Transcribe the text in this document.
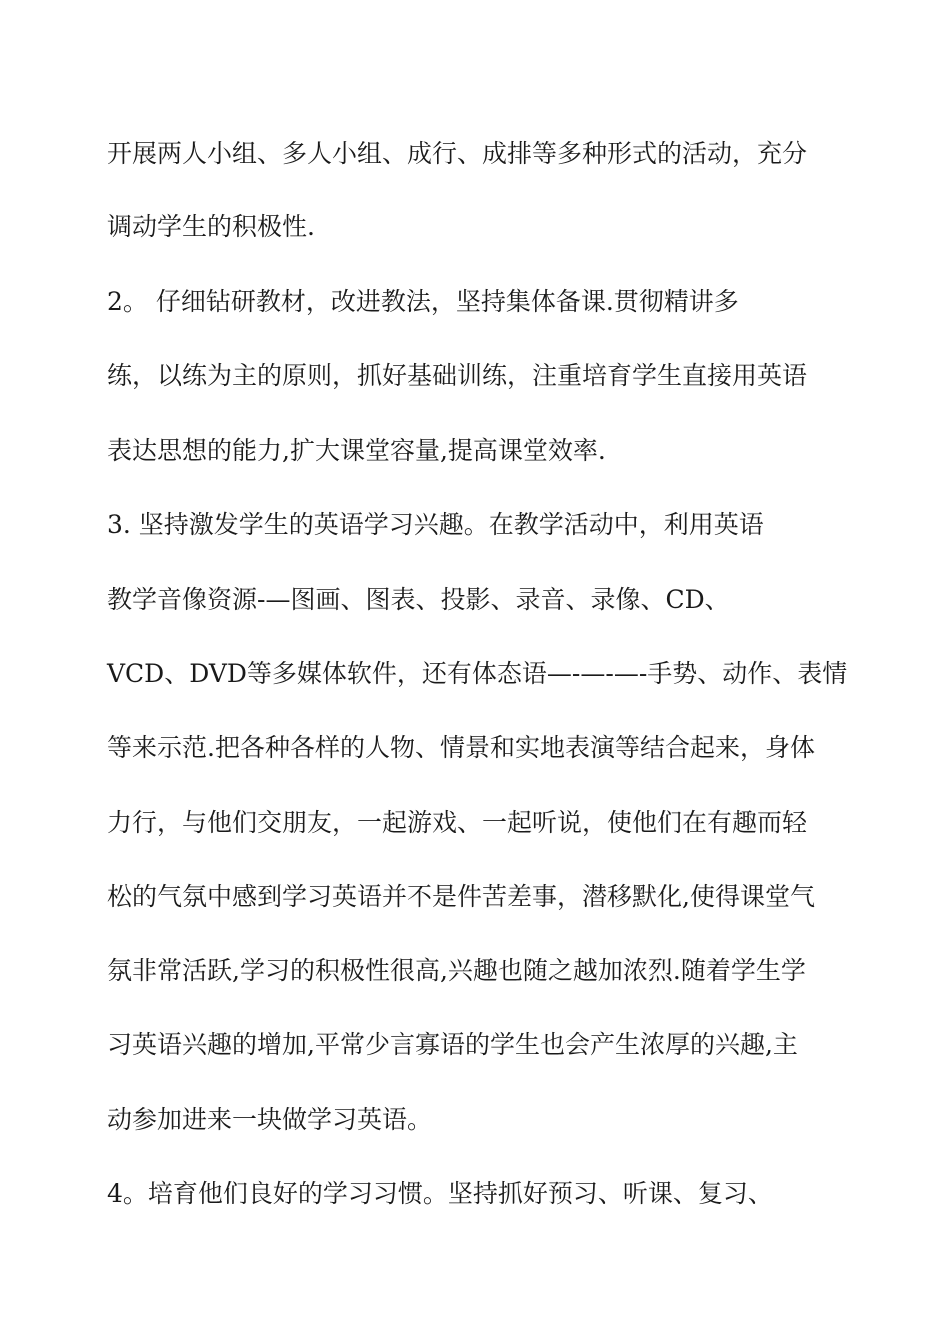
开展两人小组、多人小组、成行、成排等多种形式的活动，充分
调动学生的积极性.
2。 仔细钻研教材，改进教法，坚持集体备课.贯彻精讲多
练，以练为主的原则，抓好基础训练，注重培育学生直接用英语
表达思想的能力,扩大课堂容量,提高课堂效率.
3. 坚持激发学生的英语学习兴趣。在教学活动中，利用英语
教学音像资源-—图画、图表、投影、录音、录像、CD、
VCD、DVD等多媒体软件，还有体态语—-—-—-手势、动作、表情
等来示范.把各种各样的人物、情景和实地表演等结合起来，身体
力行，与他们交朋友，一起游戏、一起听说，使他们在有趣而轻
松的气氛中感到学习英语并不是件苦差事，潜移默化,使得课堂气
氛非常活跃,学习的积极性很高,兴趣也随之越加浓烈.随着学生学
习英语兴趣的增加,平常少言寡语的学生也会产生浓厚的兴趣,主
动参加进来一块做学习英语。
4。培育他们良好的学习习惯。坚持抓好预习、听课、复习、
